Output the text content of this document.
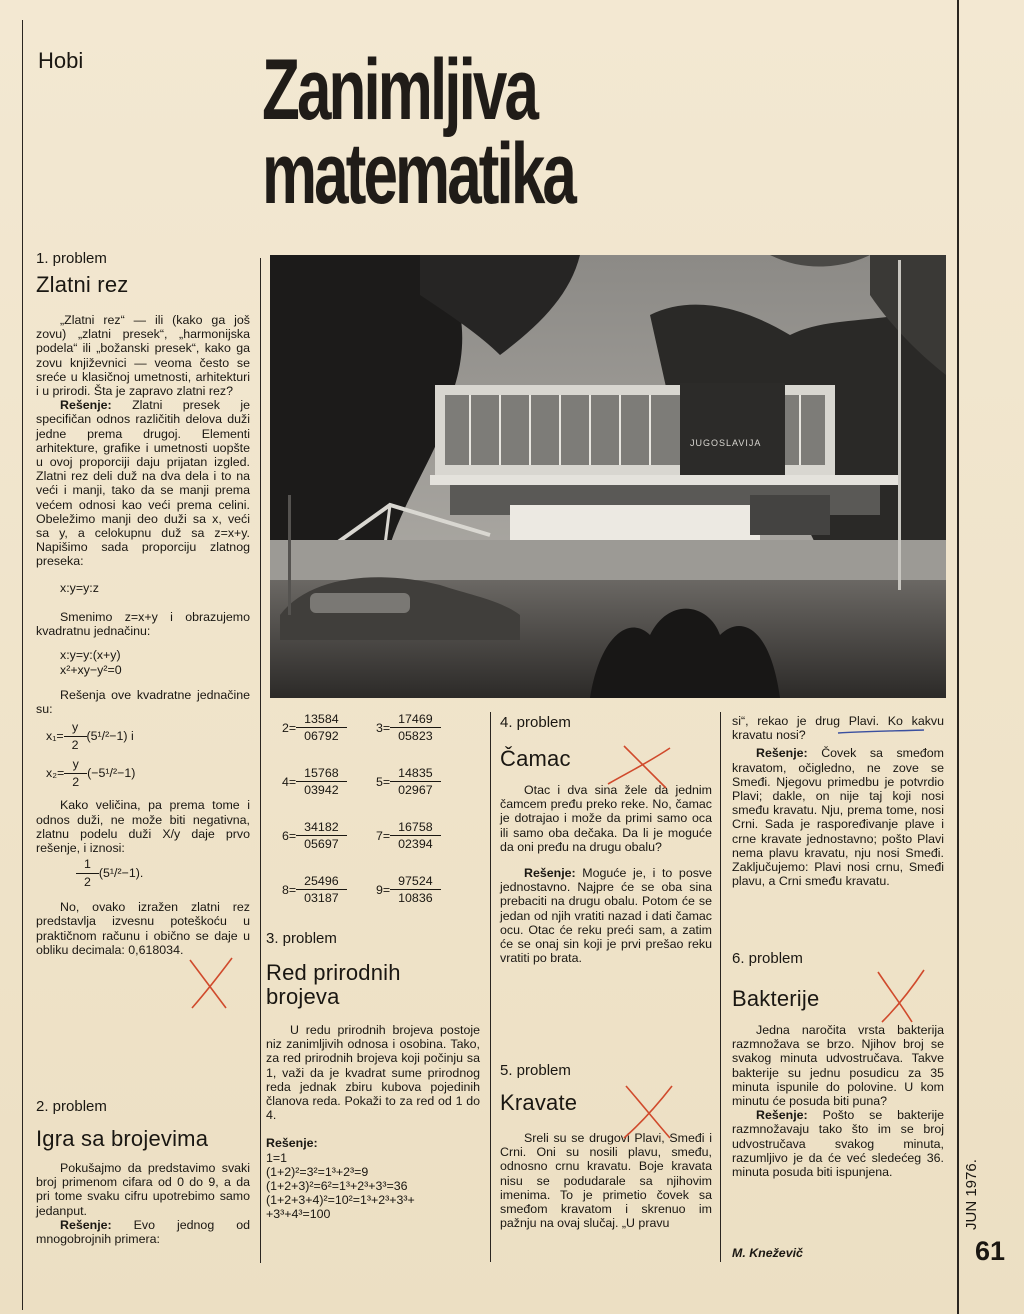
Hobi Zanimljiva
matematika
JUGOSLAVIJA
1. problem
Zlatni rez

„Zlatni rez“ — ili (kako ga još zovu) „zlatni presek“, „harmonijska podela“ ili „božanski presek“, kako ga zovu književnici — veoma često se sreće u klasičnoj umetnosti, arhitekturi i u prirodi. Šta je zapravo zlatni rez?

Rešenje: Zlatni presek je specifičan odnos različitih delova duži jedne prema drugoj. Elementi arhitekture, grafike i umetnosti uopšte u ovoj proporciji daju prijatan izgled. Zlatni rez deli duž na dva dela i to na veći i manji, tako da se manji prema većem odnosi kao veći prema celini. Obeležimo manji deo duži sa x, veći sa y, a celokupnu duž sa z=x+y. Napišimo sada proporciju zlatnog preseka:

x:y=y:z

Smenimo z=x+y i obrazujemo kvadratnu jednačinu:

x:y=y:(x+y)
x²+xy−y²=0

Rešenja ove kvadratne jednačine su:

$x_1= \frac{y}{2} (5^1/^2-1)$ i
$x_2= \frac{y}{2} (-5^1/^2-1)$

Kako veličina, pa prema tome i odnos duži, ne može biti negativna, zlatnu podelu duži X/y daje prvo rešenje, i iznosi:

$\frac{1}{2} (5^1/^2-1)$.

No, ovako izražen zlatni rez predstavlja izvesnu poteškoću u praktičnom računu i obično se daje u obliku decimala: 0,618034.

2. problem
Igra sa brojevima

Pokušajmo da predstavimo svaki broj primenom cifara od 0 do 9, a da pri tome svaku cifru upotrebimo samo jedanput.

Rešenje: Evo jednog od mnogobrojnih primera:

$2= \frac{13584}{06792} 3= \frac{17469}{05823}$
$4= \frac{15768}{03942} 5= \frac{14835}{02967}$
$6= \frac{34182}{05697} 7= \frac{16758}{02394}$
$8= \frac{25496}{03187} 9= \frac{97524}{10836}$
3. problem
Red prirodnih
brojeva

U redu prirodnih brojeva postoje niz zanimljivih odnosa i osobina. Tako, za red prirodnih brojeva koji počinju sa 1, važi da je kvadrat sume prirodnog reda jednak zbiru kubova pojedinih članova reda. Pokaži to za red od 1 do 4.

Rešenje:

1=1
(1+2)²=3²=1³+2³=9
(1+2+3)²=6²=1³+2³+3³=36
(1+2+3+4)²=10²=1³+2³+3³+
+3³+4³=100
4. problem
Čamac

Otac i dva sina žele da jednim čamcem pređu preko reke. No, čamac je dotrajao i može da primi samo oca ili samo oba dečaka. Da li je moguće da oni pređu na drugu obalu?

Rešenje: Moguće je, i to posve jednostavno. Najpre će se oba sina prebaciti na drugu obalu. Potom će se jedan od njih vratiti nazad i dati čamac ocu. Otac će reku preći sam, a zatim će se onaj sin koji je prvi prešao reku vratiti po brata.

5. problem
Kravate

Sreli su se drugovi Plavi, Smeđi i Crni. Oni su nosili plavu, smeđu, odnosno crnu kravatu. Boje kravata nisu se podudarale sa njihovim imenima. To je primetio čovek sa smeđom kravatom i skrenuo im pažnju na ovaj slučaj. „U pravu

si“, rekao je drug Plavi. Ko kakvu kravatu nosi?

Rešenje: Čovek sa smeđom kravatom, očigledno, ne zove se Smeđi. Njegovu primedbu je potvrdio Plavi; dakle, on nije taj koji nosi smeđu kravatu. Nju, prema tome, nosi Crni. Sada je raspoređivanje plave i crne kravate jednostavno; pošto Plavi nema plavu kravatu, nju nosi Smeđi. Zaključujemo: Plavi nosi crnu, Smeđi plavu, a Crni smeđu kravatu.

6. problem
Bakterije

Jedna naročita vrsta bakterija razmnožava se brzo. Njihov broj se svakog minuta udvostručava. Takve bakterije su jednu posudicu za 35 minuta ispunile do polovine. U kom minutu će posuda biti puna?

Rešenje: Pošto se bakterije razmnožavaju tako što im se broj udvostručava svakog minuta, razumljivo je da će već sledećeg 36. minuta posuda biti ispunjena.

M. Kneževič
JUN 1976.
61
